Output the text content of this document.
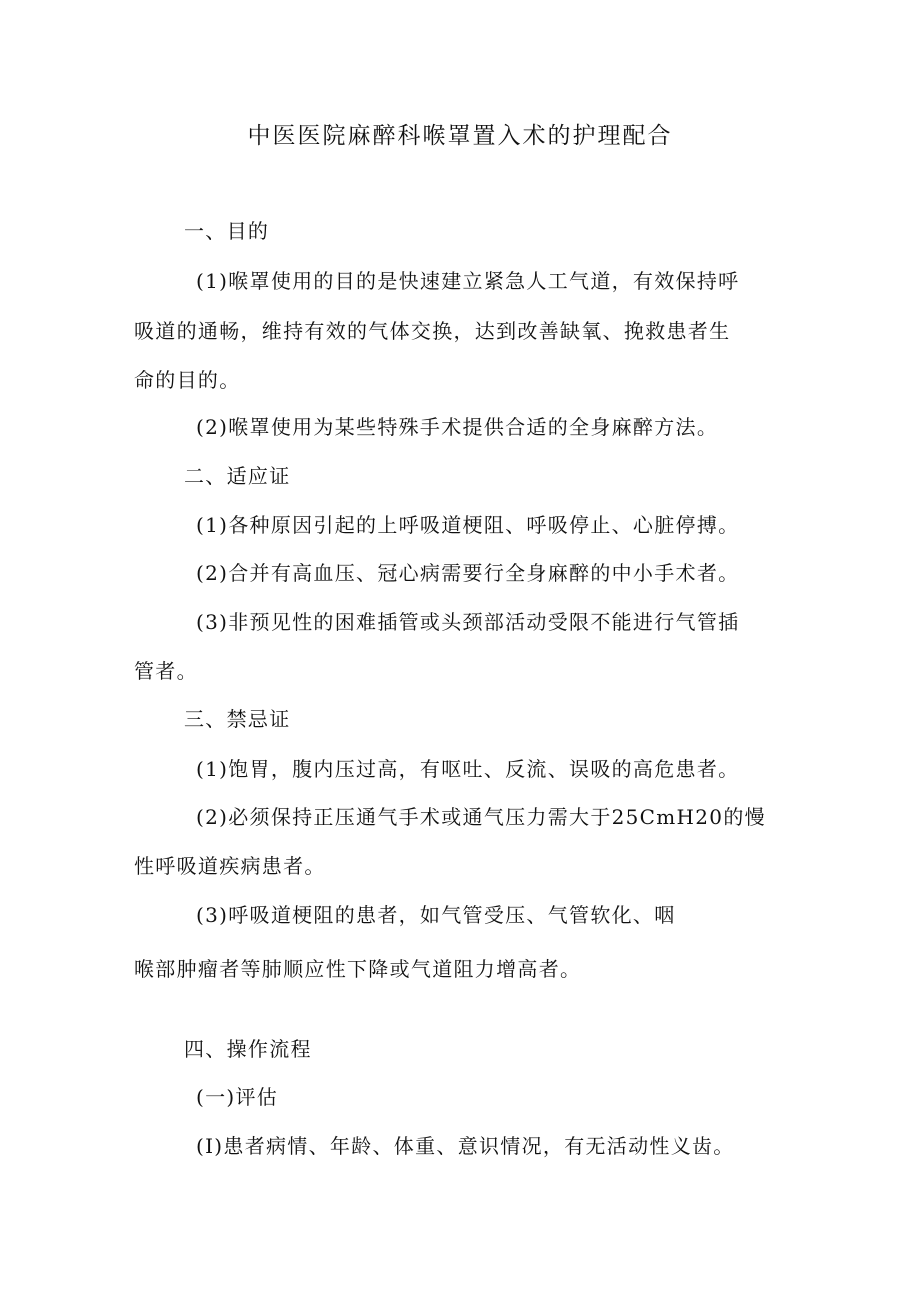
中医医院麻醉科喉罩置入术的护理配合
一、目的
(1)喉罩使用的目的是快速建立紧急人工气道，有效保持呼
吸道的通畅，维持有效的气体交换，达到改善缺氧、挽救患者生
命的目的。
(2)喉罩使用为某些特殊手术提供合适的全身麻醉方法。
二、适应证
(1)各种原因引起的上呼吸道梗阻、呼吸停止、心脏停搏。
(2)合并有高血压、冠心病需要行全身麻醉的中小手术者。
(3)非预见性的困难插管或头颈部活动受限不能进行气管插
管者。
三、禁忌证
(1)饱胃，腹内压过高，有呕吐、反流、误吸的高危患者。
(2)必须保持正压通气手术或通气压力需大于25CmH20的慢
性呼吸道疾病患者。
(3)呼吸道梗阻的患者，如气管受压、气管软化、咽
喉部肿瘤者等肺顺应性下降或气道阻力增高者。
四、操作流程
(一)评估
(I)患者病情、年龄、体重、意识情况，有无活动性义齿。
